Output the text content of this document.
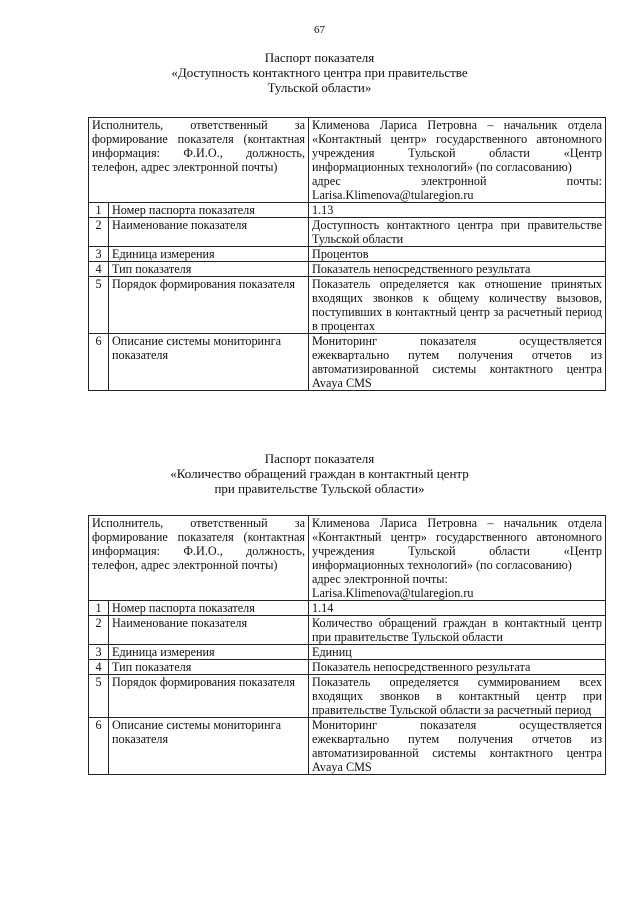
67
Паспорт показателя
«Доступность контактного центра при правительстве
Тульской области»
Исполнитель, ответственный за формирование показателя (контактная информация: Ф.И.О., должность, телефон, адрес электронной почты)		Клименова Лариса Петровна – начальник отдела «Контактный центр» государственного автономного учреждения Тульской области «Центр информационных технологий» (по согласованию)
адрес электронной почты:
Larisa.Klimenova@tularegion.ru

1	Номер паспорта показателя	1.13
2	Наименование показателя	Доступность контактного центра при правительстве Тульской области
3	Единица измерения	Процентов
4	Тип показателя	Показатель непосредственного результата
5	Порядок формирования показателя	Показатель определяется как отношение принятых входящих звонков к общему количеству вызовов, поступивших в контактный центр за расчетный период в процентах
6	Описание системы мониторинга показателя	Мониторинг показателя осуществляется ежеквартально путем получения отчетов из автоматизированной системы контактного центра Avaya CMS
Паспорт показателя
«Количество обращений граждан в контактный центр
при правительстве Тульской области»
Исполнитель, ответственный за формирование показателя (контактная информация: Ф.И.О., должность, телефон, адрес электронной почты)		Клименова Лариса Петровна – начальник отдела «Контактный центр» государственного автономного учреждения Тульской области «Центр информационных технологий» (по согласованию)
адрес электронной почты:
Larisa.Klimenova@tularegion.ru

1	Номер паспорта показателя	1.14
2	Наименование показателя	Количество обращений граждан в контактный центр при правительстве Тульской области
3	Единица измерения	Единиц
4	Тип показателя	Показатель непосредственного результата
5	Порядок формирования показателя	Показатель определяется суммированием всех входящих звонков в контактный центр при правительстве Тульской области за расчетный период
6	Описание системы мониторинга показателя	Мониторинг показателя осуществляется ежеквартально путем получения отчетов из автоматизированной системы контактного центра Avaya CMS
